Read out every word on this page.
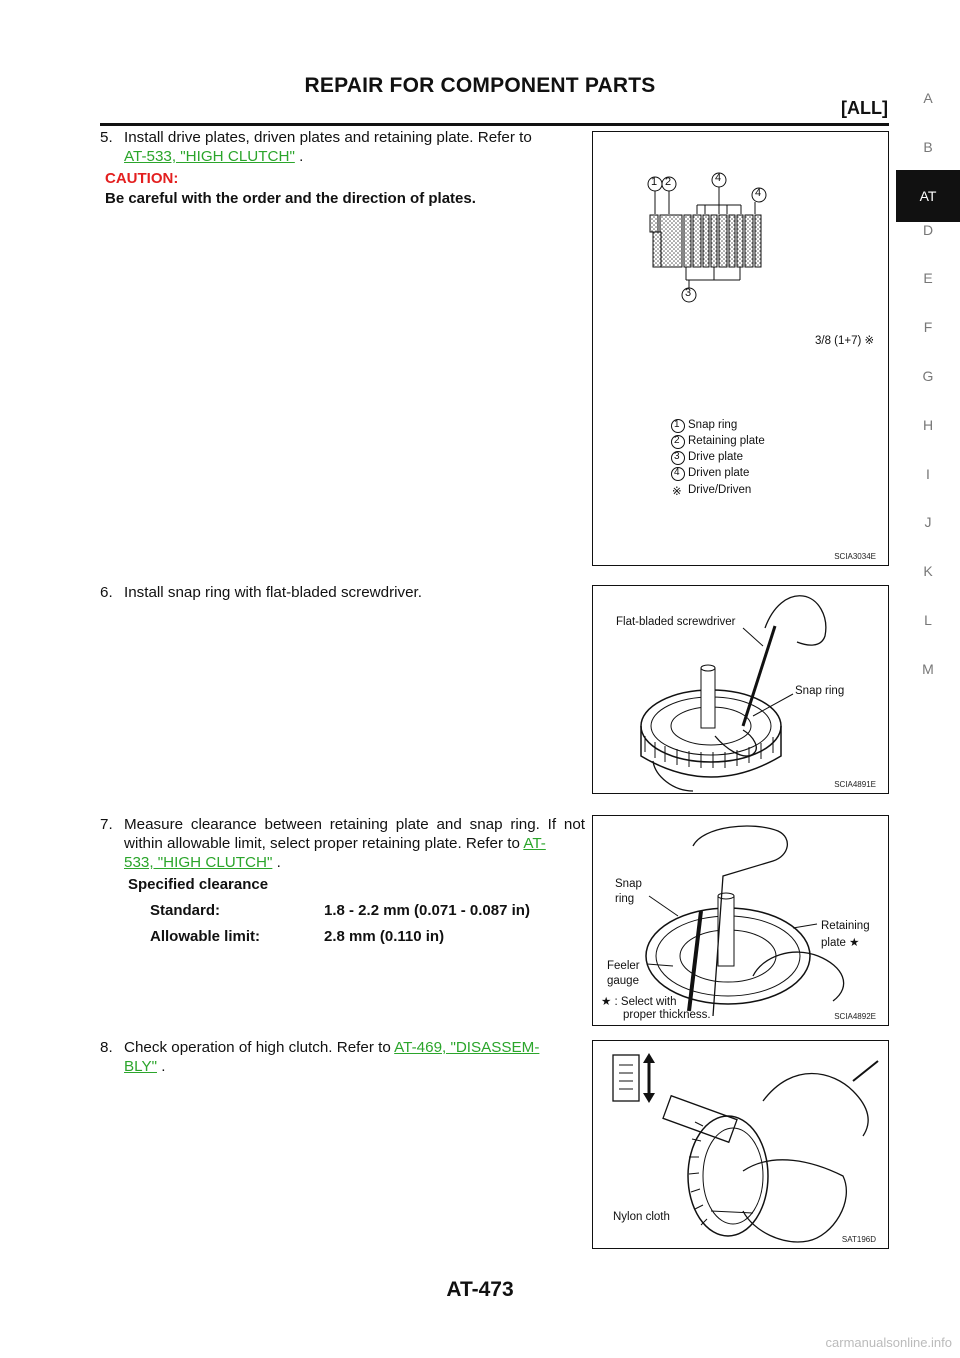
REPAIR FOR COMPONENT PARTS
[ALL]	A
B
AT
D
E
F
G
H
I
J
K
L
M
5. Install drive plates, driven plates and retaining plate. Refer to
AT-533, "HIGH CLUTCH" .
CAUTION:
Be careful with the order and the direction of plates.
1 2	4
4
3
3/8 (1+7) ※
1 Snap ring
2 Retaining plate
3 Drive plate
4 Driven plate
※ Drive/Driven
SCIA3034E
6. Install snap ring with flat-bladed screwdriver.
Flat-bladed screwdriver
Snap ring
SCIA4891E
7. Measure clearance between retaining plate and snap ring. If not within allowable limit, select proper retaining plate. Refer to AT-
533, "HIGH CLUTCH" .
Specified clearance
Standard:	1.8 - 2.2 mm (0.071 - 0.087 in)
Allowable limit:	2.8 mm (0.110 in)
Snap
ring
Retaining
plate ★
Feeler
gauge
★ : Select with
proper thickness.	SCIA4892E
8. Check operation of high clutch. Refer to AT-469, "DISASSEM-
BLY" .
Nylon cloth
SAT196D
AT-473
carmanualsonline.info
